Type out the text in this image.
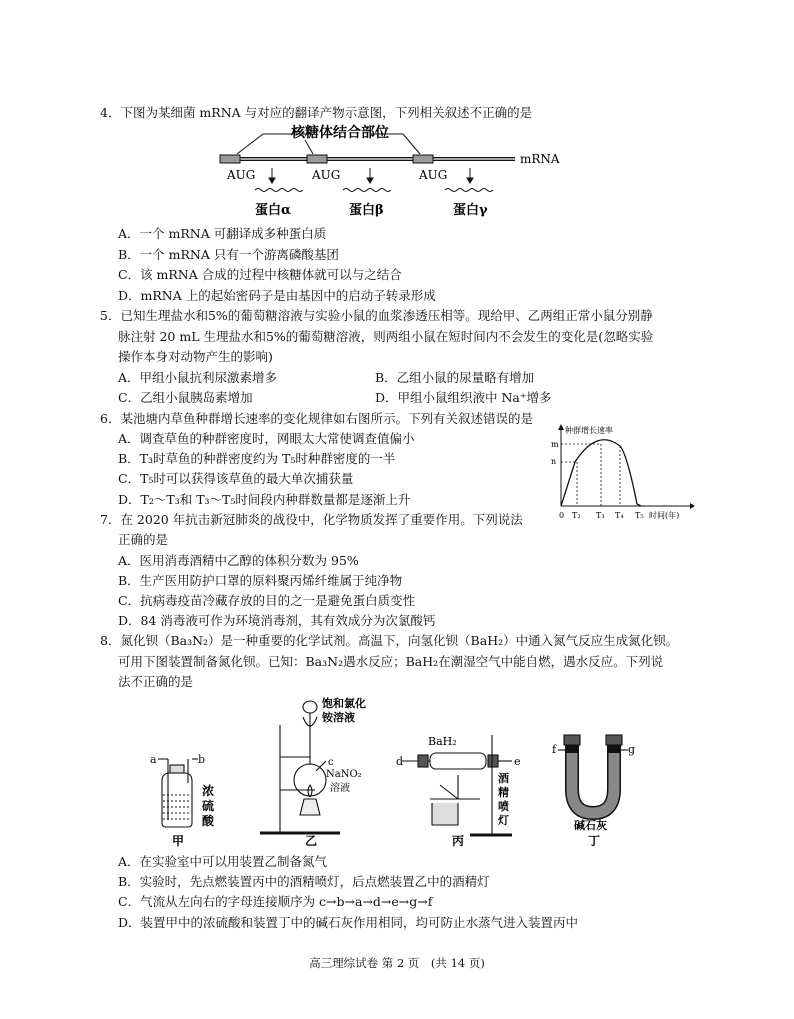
4．下图为某细菌 mRNA 与对应的翻译产物示意图，下列相关叙述不正确的是
核糖体结合部位
mRNA
AUG	AUG	AUG
蛋白α	蛋白β	蛋白γ
A．一个 mRNA 可翻译成多种蛋白质
B．一个 mRNA 只有一个游离磷酸基团
C．该 mRNA 合成的过程中核糖体就可以与之结合
D．mRNA 上的起始密码子是由基因中的启动子转录形成
5．已知生理盐水和5%的葡萄糖溶液与实验小鼠的血浆渗透压相等。现给甲、乙两组正常小鼠分别静
脉注射 20 mL 生理盐水和5%的葡萄糖溶液，则两组小鼠在短时间内不会发生的变化是(忽略实验
操作本身对动物产生的影响)
A．甲组小鼠抗利尿激素增多	B．乙组小鼠的尿量略有增加
C．乙组小鼠胰岛素增加	D．甲组小鼠组织液中 Na⁺增多
6．某池塘内草鱼种群增长速率的变化规律如右图所示。下列有关叙述错误的是
A．调查草鱼的种群密度时，网眼太大常使调查值偏小
B．T₃时草鱼的种群密度约为 T₅时种群密度的一半
C．T₅时可以获得该草鱼的最大单次捕获量
D．T₂～T₃和 T₃～T₅时间段内种群数量都是逐渐上升
种群增长速率
m
n
0 T₂ T₃ T₄ T₅ 时间(年)
7．在 2020 年抗击新冠肺炎的战役中，化学物质发挥了重要作用。下列说法
正确的是
A．医用消毒酒精中乙醇的体积分数为 95%
B．生产医用防护口罩的原料聚丙烯纤维属于纯净物
C．抗病毒疫苗冷藏存放的目的之一是避免蛋白质变性
D．84 消毒液可作为环境消毒剂，其有效成分为次氯酸钙
8．氮化钡（Ba₃N₂）是一种重要的化学试剂。高温下，向氢化钡（BaH₂）中通入氮气反应生成氮化钡。
可用下图装置制备氮化钡。已知：Ba₃N₂遇水反应；BaH₂在潮湿空气中能自燃，遇水反应。下列说
法不正确的是
a	b
浓
硫
酸
甲
饱和氯化
铵溶液
c
NaNO₂
溶液
乙
BaH₂
d	e
酒
精
喷
灯
丙
f	g
碱石灰
丁
A．在实验室中可以用装置乙制备氮气
B．实验时，先点燃装置丙中的酒精喷灯，后点燃装置乙中的酒精灯
C．气流从左向右的字母连接顺序为 c→b→a→d→e→g→f
D．装置甲中的浓硫酸和装置丁中的碱石灰作用相同，均可防止水蒸气进入装置丙中
高三理综试卷 第 2 页　(共 14 页)
